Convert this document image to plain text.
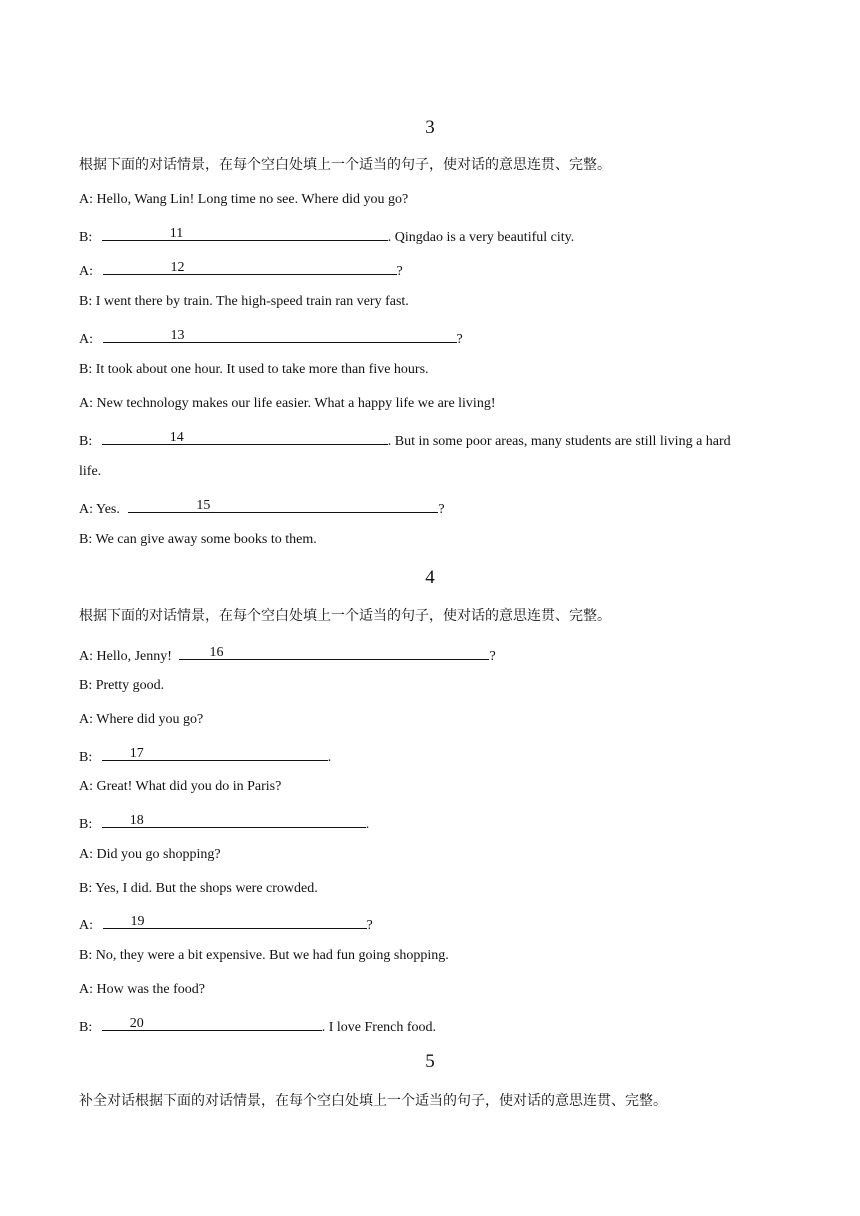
3
根据下面的对话情景，在每个空白处填上一个适当的句子，使对话的意思连贯、完整。
A: Hello, Wang Lin! Long time no see. Where did you go?
B:	11	. Qingdao is a very beautiful city.
A:	12	?
B: I went there by train. The high-speed train ran very fast.
A:	13	?
B: It took about one hour. It used to take more than five hours.
A: New technology makes our life easier. What a happy life we are living!
B:	14	. But in some poor areas, many students are still living a hard
life.
A: Yes.	15	?
B: We can give away some books to them.
4
根据下面的对话情景，在每个空白处填上一个适当的句子，使对话的意思连贯、完整。
A: Hello, Jenny!	16	?
B: Pretty good.
A: Where did you go?
B:	17	.
A: Great! What did you do in Paris?
B:	18	.
A: Did you go shopping?
B: Yes, I did. But the shops were crowded.
A:	19	?
B: No, they were a bit expensive. But we had fun going shopping.
A: How was the food?
B:	20	. I love French food.
5
补全对话根据下面的对话情景，在每个空白处填上一个适当的句子，使对话的意思连贯、完整。
